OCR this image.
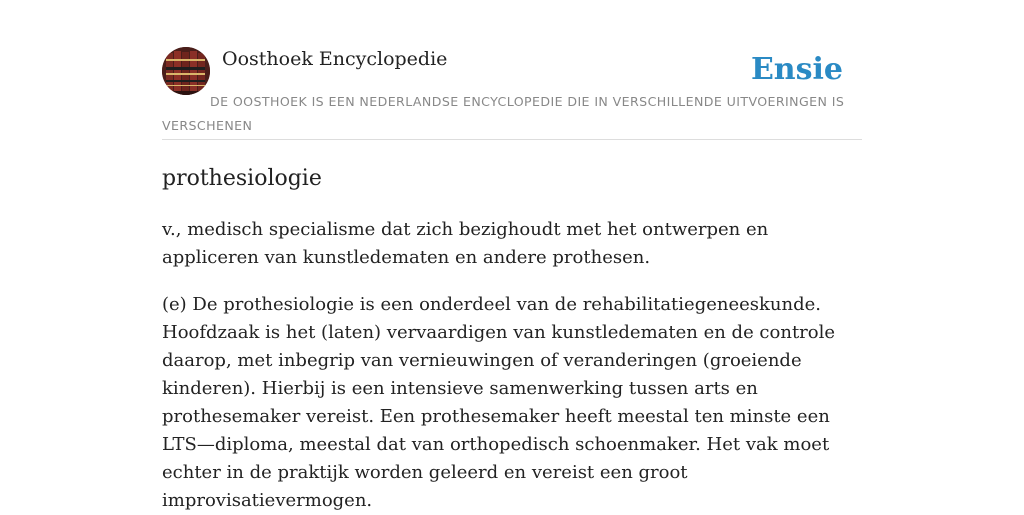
Oosthoek Encyclopedie	Ensie

DE OOSTHOEK IS EEN NEDERLANDSE ENCYCLOPEDIE DIE IN VERSCHILLENDE UITVOERINGEN IS VERSCHENEN

prothesiologie

v., medisch specialisme dat zich bezighoudt met het ontwerpen en appliceren van kunstledematen en andere prothesen.

(e) De prothesiologie is een onderdeel van de rehabilitatiegeneeskunde. Hoofdzaak is het (laten) vervaardigen van kunstledematen en de controle daarop, met inbegrip van vernieuwingen of veranderingen (groeiende kinderen). Hierbij is een intensieve samenwerking tussen arts en prothesemaker vereist. Een prothesemaker heeft meestal ten minste een LTS—diploma, meestal dat van orthopedisch schoenmaker. Het vak moet echter in de praktijk worden geleerd en vereist een groot improvisatievermogen.
